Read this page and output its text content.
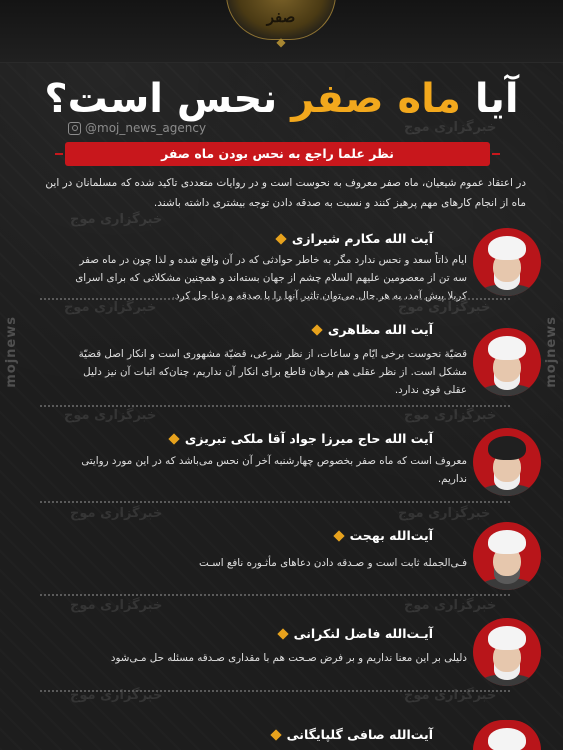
صفر
◆
آیا ماه صفر نحس است؟
@moj_news_agency	خبرگزاری موج
خبرگزاری موج
خبرگزاری موج
خبرگزاری موج
خبرگزاری موج
خبرگزاری موج
خبرگزاری موج
خبرگزاری موج
خبرگزاری موج
خبرگزاری موج
خبرگزاری موج
خبرگزاری موج
mojnews	mojnews
نظر علما راجع به نحس بودن ماه صفر
در اعتقاد عموم شیعیان، ماه صفر معروف به نحوست است و در روایات متعددی تاکید شده که مسلمانان در این ماه از انجام کارهای مهم پرهیز کنند و نسبت به صدقه دادن توجه بیشتری داشته باشند.
آیت الله مکارم شیرازی
ایام ذاتاً سعد و نحس ندارد مگر به خاطر حوادثی که در آن واقع شده و لذا چون در ماه صفر سه تن از معصومین علیهم السلام چشم از جهان بسته‌اند و همچنین مشکلاتی که برای اسرای کربلا پیش آمد، به هر حال می‌توان تاثیر آنها را با صدقه و دعا حل کرد.
آیت الله مظاهری
قضیّة نحوست برخی ایّام و ساعات، از نظر شرعی، قضیّة مشهوری است و انکار اصل قضیّة مشکل است. از نظر عقلی هم برهان قاطع برای انکار آن نداریم، چنان‌که اثبات آن نیز دلیل عقلی قوی ندارد.
آیت الله حاج میرزا جواد آقا ملکی تبریزی
معروف است که ماه صفر بخصوص چهارشنبه آخر آن نحس می‌باشد که در این مورد روایتی نداریم.
آیت‌الله بهجت
فـی‌الجمله ثابت است و صـدقه دادن دعاهای مأثـوره نافع اسـت
آیـت‌الله فاضل لنکرانی
دلیلی بر این معنا نداریم و بر فرض صـحت هم با مقداری صـدقه مسئله حل مـی‌شود
آیت‌الله صافی گلپایگانی
